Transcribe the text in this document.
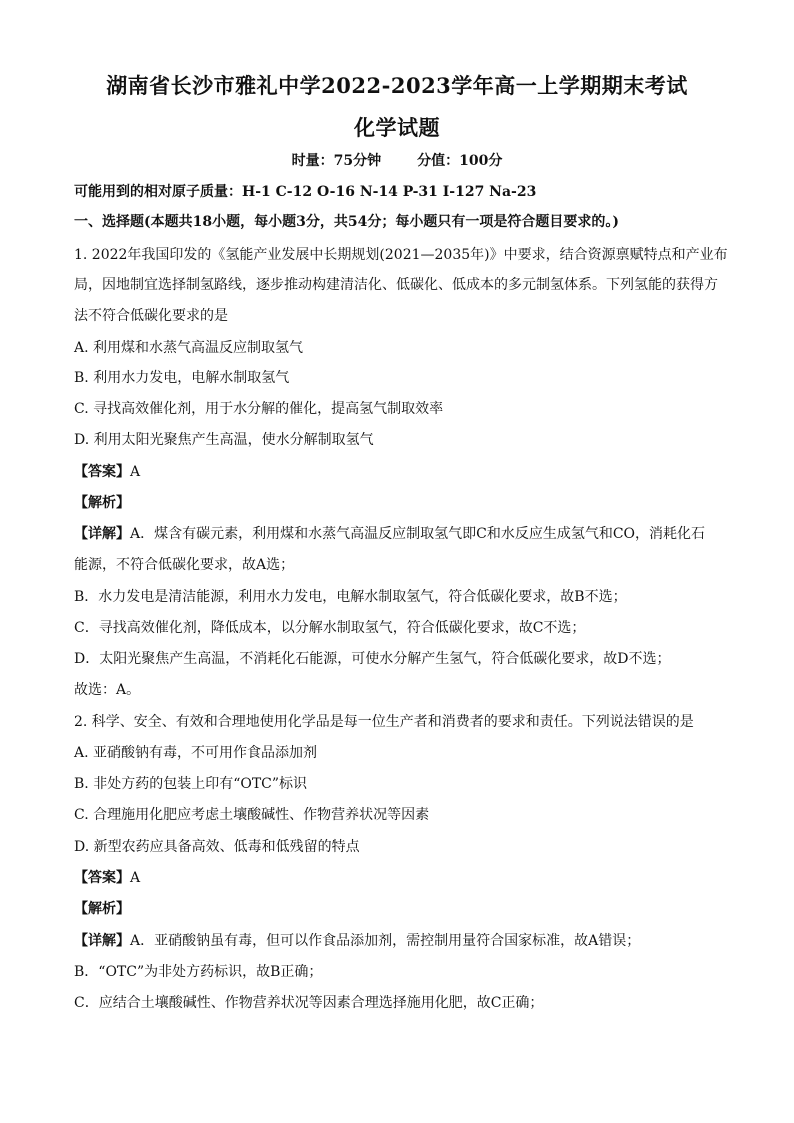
湖南省长沙市雅礼中学2022-2023学年高一上学期期末考试
化学试题
时量：75分钟	分值：100分
可能用到的相对原子质量：H-1 C-12 O-16 N-14 P-31 I-127 Na-23
一、选择题(本题共18小题，每小题3分，共54分；每小题只有一项是符合题目要求的。)
1. 2022年我国印发的《氢能产业发展中长期规划(2021—2035年)》中要求，结合资源禀赋特点和产业布
局，因地制宜选择制氢路线，逐步推动构建清洁化、低碳化、低成本的多元制氢体系。下列氢能的获得方
法不符合低碳化要求的是
A. 利用煤和水蒸气高温反应制取氢气
B. 利用水力发电，电解水制取氢气
C. 寻找高效催化剂，用于水分解的催化，提高氢气制取效率
D. 利用太阳光聚焦产生高温，使水分解制取氢气
【答案】A
【解析】
【详解】A．煤含有碳元素，利用煤和水蒸气高温反应制取氢气即C和水反应生成氢气和CO，消耗化石
能源，不符合低碳化要求，故A选；
B．水力发电是清洁能源，利用水力发电，电解水制取氢气，符合低碳化要求，故B不选；
C．寻找高效催化剂，降低成本，以分解水制取氢气，符合低碳化要求，故C不选；
D．太阳光聚焦产生高温，不消耗化石能源，可使水分解产生氢气，符合低碳化要求，故D不选；
故选：A。
2. 科学、安全、有效和合理地使用化学品是每一位生产者和消费者的要求和责任。下列说法错误的是
A. 亚硝酸钠有毒，不可用作食品添加剂
B. 非处方药的包装上印有“OTC”标识
C. 合理施用化肥应考虑土壤酸碱性、作物营养状况等因素
D. 新型农药应具备高效、低毒和低残留的特点
【答案】A
【解析】
【详解】A．亚硝酸钠虽有毒，但可以作食品添加剂，需控制用量符合国家标准，故A错误；
B．“OTC”为非处方药标识，故B正确；
C．应结合土壤酸碱性、作物营养状况等因素合理选择施用化肥，故C正确；
